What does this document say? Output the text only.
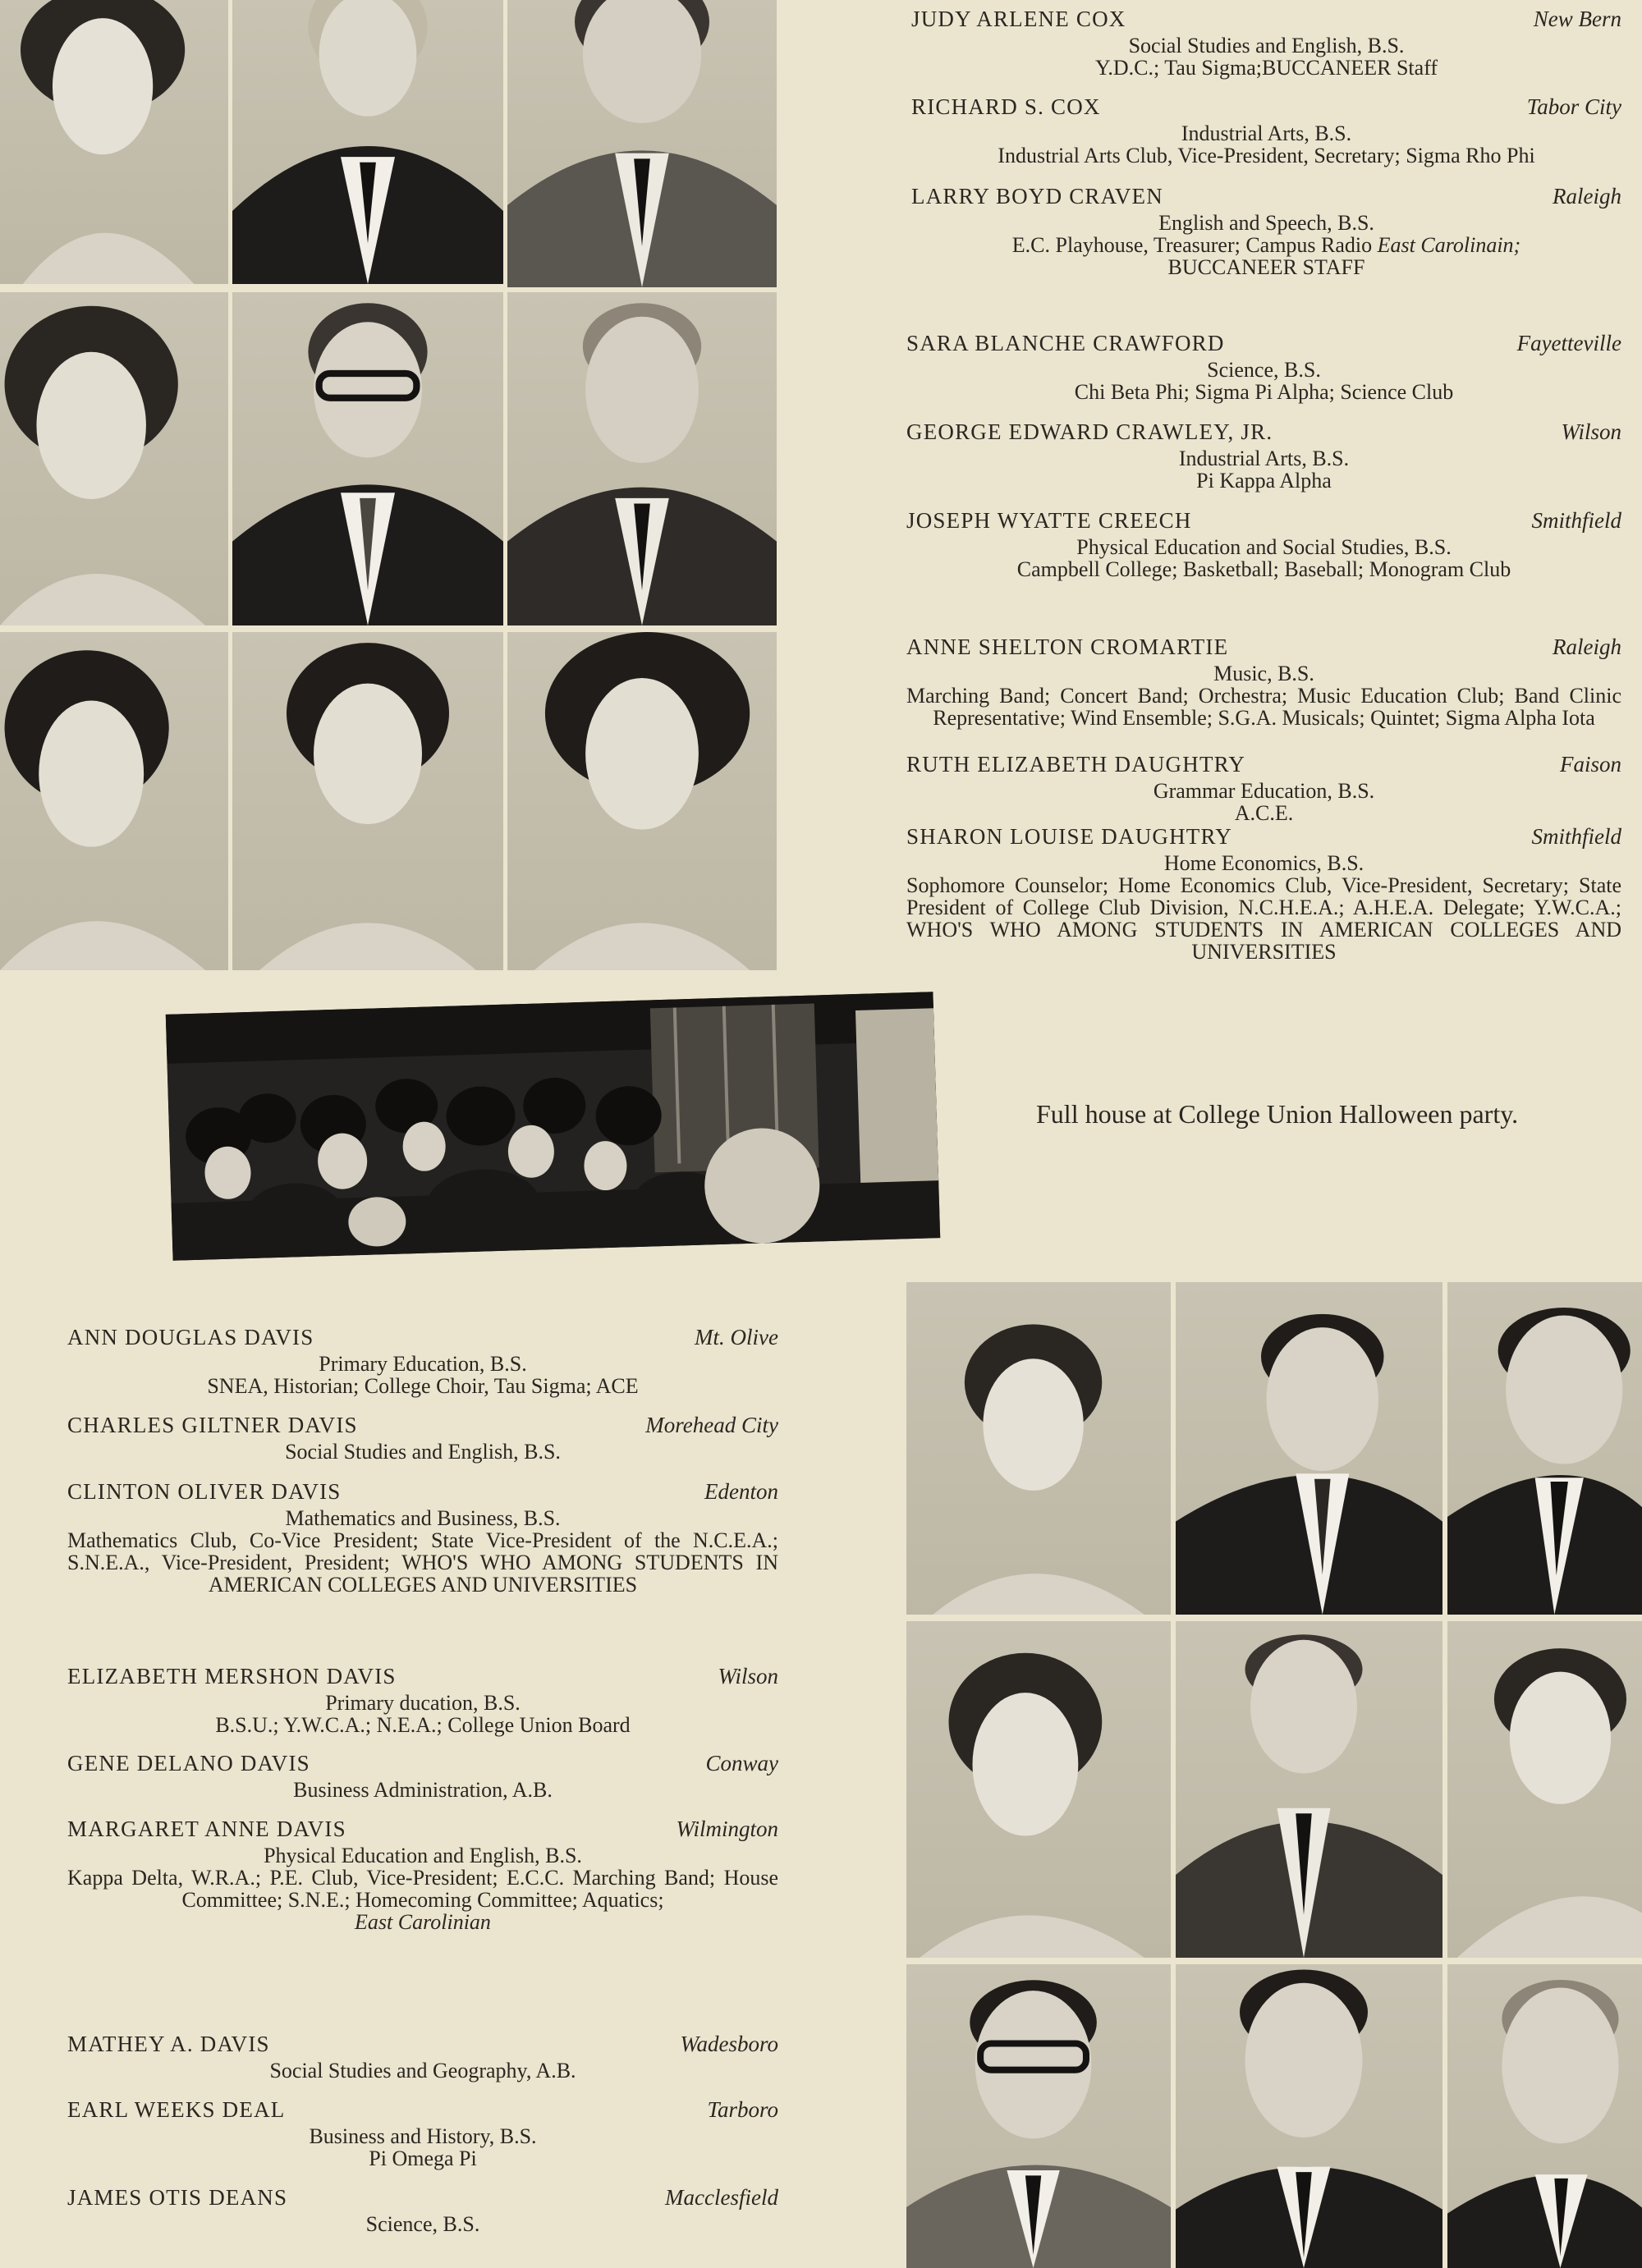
JUDY ARLENE COX	New Bern
Social Studies and English, B.S.
Y.D.C.; Tau Sigma;BUCCANEER Staff
RICHARD S. COX	Tabor City
Industrial Arts, B.S.
Industrial Arts Club, Vice-President, Secretary; Sigma Rho Phi
LARRY BOYD CRAVEN	Raleigh
English and Speech, B.S.
E.C. Playhouse, Treasurer; Campus Radio East Carolinain;
BUCCANEER STAFF
SARA BLANCHE CRAWFORD	Fayetteville
Science, B.S.
Chi Beta Phi; Sigma Pi Alpha; Science Club
GEORGE EDWARD CRAWLEY, JR.	Wilson
Industrial Arts, B.S.
Pi Kappa Alpha
JOSEPH WYATTE CREECH	Smithfield
Physical Education and Social Studies, B.S.
Campbell College; Basketball; Baseball; Monogram Club
ANNE SHELTON CROMARTIE	Raleigh
Music, B.S.
Marching Band; Concert Band; Orchestra; Music Education Club; Band Clinic Representative; Wind Ensemble; S.G.A. Musicals; Quintet; Sigma Alpha Iota
RUTH ELIZABETH DAUGHTRY	Faison
Grammar Education, B.S.
A.C.E.
SHARON LOUISE DAUGHTRY	Smithfield
Home Economics, B.S.
Sophomore Counselor; Home Economics Club, Vice-President, Secretary; State President of College Club Division, N.C.H.E.A.; A.H.E.A. Delegate; Y.W.C.A.; WHO'S WHO AMONG STUDENTS IN AMERICAN COLLEGES AND UNIVERSITIES
Full house at College Union Halloween party.
ANN DOUGLAS DAVIS	Mt. Olive
Primary Education, B.S.
SNEA, Historian; College Choir, Tau Sigma; ACE
CHARLES GILTNER DAVIS	Morehead City
Social Studies and English, B.S.
CLINTON OLIVER DAVIS	Edenton
Mathematics and Business, B.S.
Mathematics Club, Co-Vice President; State Vice-President of the N.C.E.A.; S.N.E.A., Vice-President, President; WHO'S WHO AMONG STUDENTS IN AMERICAN COLLEGES AND UNIVERSITIES
ELIZABETH MERSHON DAVIS	Wilson
Primary ducation, B.S.
B.S.U.; Y.W.C.A.; N.E.A.; College Union Board
GENE DELANO DAVIS	Conway
Business Administration, A.B.
MARGARET ANNE DAVIS	Wilmington
Physical Education and English, B.S.
Kappa Delta, W.R.A.; P.E. Club, Vice-President; E.C.C. Marching Band; House Committee; S.N.E.; Homecoming Committee; Aquatics;
East Carolinian
MATHEY A. DAVIS	Wadesboro
Social Studies and Geography, A.B.
EARL WEEKS DEAL	Tarboro
Business and History, B.S.
Pi Omega Pi
JAMES OTIS DEANS	Macclesfield
Science, B.S.
